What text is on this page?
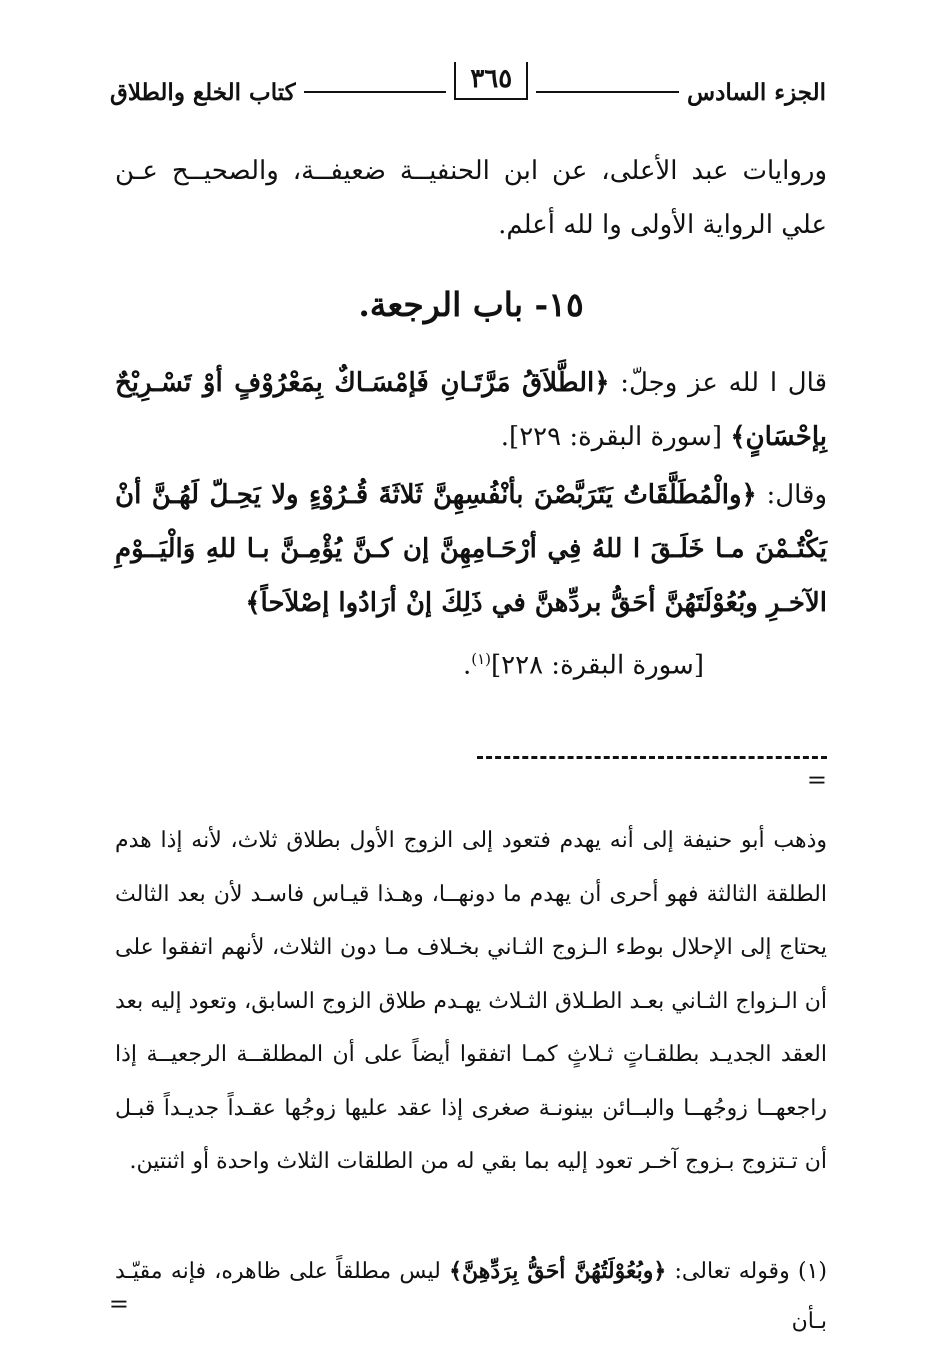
الجزء السادس
٣٦٥
كتاب الخلع والطلاق
وروايات عبد الأعلى، عن ابن الحنفيــة ضعيفــة، والصحيــح عـن علي الرواية الأولى وا لله أعلم.
١٥- باب الرجعة.
قال ا لله عز وجلّ: ﴿الطَّلاَقُ مَرَّتَـانِ فَإمْسَـاكٌ بِمَعْرُوْفٍ أوْ تَسْـرِيْحٌ بِإحْسَانٍ﴾ [سورة البقرة: ٢٢٩].
وقال: ﴿والْمُطَلَّقَاتُ يَتَرَبَّصْنَ بأنْفُسِهِنَّ ثَلاثَةَ قُـرُوْءٍ ولا يَحِـلّ لَهُـنَّ أنْ يَكْتُـمْنَ مـا خَلَـقَ ا للهُ فِي أرْحَـامِهِنَّ إن كـنَّ يُؤْمِـنَّ بـا للهِ وَالْيَــوْمِ الآخـرِ وبُعُوْلَتَهُنَّ أحَقُّ بردِّهنَّ في ذَلِكَ إنْ أرَادُوا إصْلاَحاً﴾
[سورة البقرة: ٢٢٨]$^{(١)}$.
=
وذهب أبو حنيفة إلى أنه يهدم فتعود إلى الزوج الأول بطلاق ثلاث، لأنه إذا هدم الطلقة الثالثة فهو أحرى أن يهدم ما دونهــا، وهـذا قيـاس فاسـد لأن بعد الثالث يحتاج إلى الإحلال بوطء الـزوج الثـاني بخـلاف مـا دون الثلاث، لأنهم اتفقوا على أن الـزواج الثـاني بعـد الطـلاق الثـلاث يهـدم طلاق الزوج السابق، وتعود إليه بعد العقد الجديـد بطلقـاتٍ ثـلاثٍ كمـا اتفقوا أيضاً على أن المطلقــة الرجعيــة إذا راجعهــا زوجُهــا والبــائن بينونـة صغرى إذا عقد عليها زوجُها عقـداً جديـداً قبـل أن تـتزوج بـزوج آخـر تعود إليه بما بقي له من الطلقات الثلاث واحدة أو اثنتين.
(١) وقوله تعالى: ﴿وبُعُوْلَتُهُنَّ أحَقُّ بِرَدِّهِنَّ﴾ ليس مطلقاً على ظاهره، فإنه مقيّـد بـأن
=
